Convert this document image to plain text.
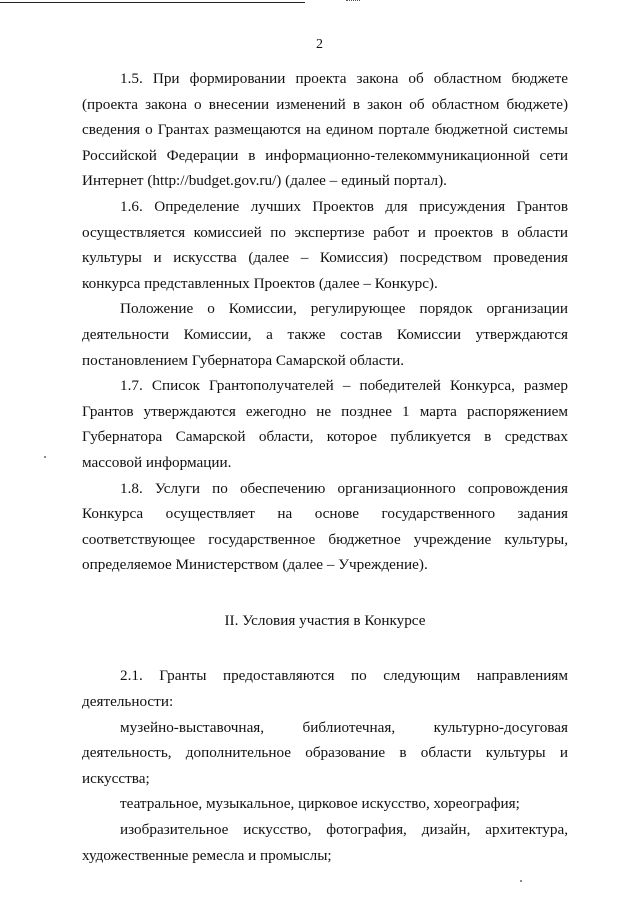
2

1.5. При формировании проекта закона об областном бюджете (проекта закона о внесении изменений в закон об областном бюджете) сведения о Грантах размещаются на едином портале бюджетной системы Российской Федерации в информационно-телекоммуникационной сети Интернет (http://budget.gov.ru/) (далее – единый портал).

1.6. Определение лучших Проектов для присуждения Грантов осуществляется комиссией по экспертизе работ и проектов в области культуры и искусства (далее – Комиссия) посредством проведения конкурса представленных Проектов (далее – Конкурс).

Положение о Комиссии, регулирующее порядок организации деятельности Комиссии, а также состав Комиссии утверждаются постановлением Губернатора Самарской области.

1.7. Список Грантополучателей – победителей Конкурса, размер Грантов утверждаются ежегодно не позднее 1 марта распоряжением Губернатора Самарской области, которое публикуется в средствах массовой информации.

1.8. Услуги по обеспечению организационного сопровождения Конкурса осуществляет на основе государственного задания соответствующее государственное бюджетное учреждение культуры, определяемое Министерством (далее – Учреждение).

II. Условия участия в Конкурсе

2.1. Гранты предоставляются по следующим направлениям деятельности:

музейно-выставочная, библиотечная, культурно-досуговая деятельность, дополнительное образование в области культуры и искусства;

театральное, музыкальное, цирковое искусство, хореография;

изобразительное искусство, фотография, дизайн, архитектура, художественные ремесла и промыслы;
